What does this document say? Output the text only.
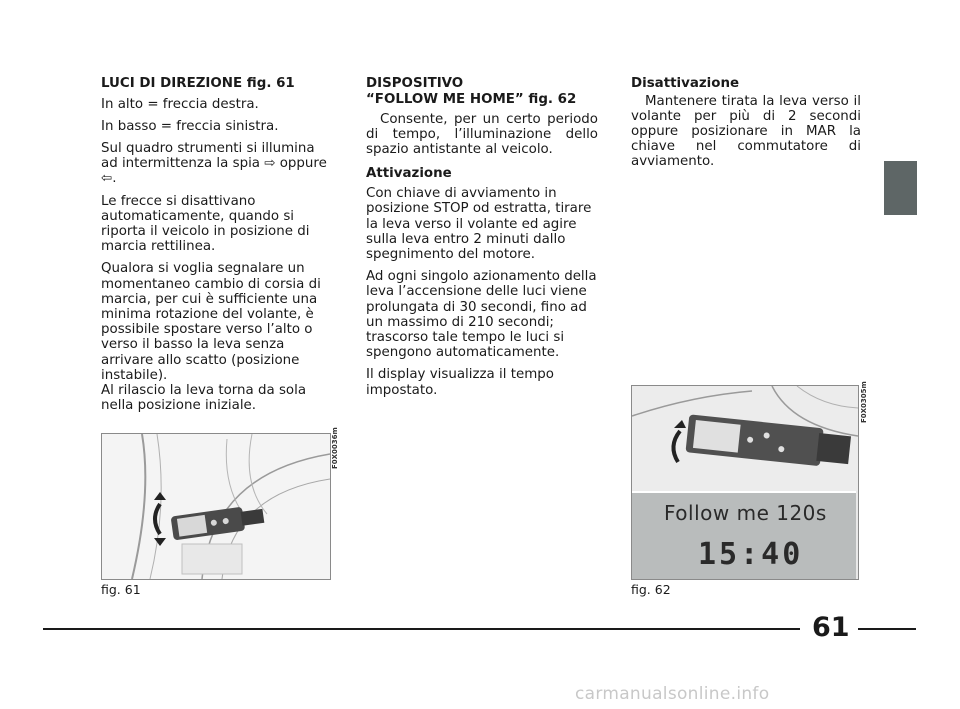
LUCI DI DIREZIONE fig. 61

In alto = freccia destra.

In basso = freccia sinistra.

Sul quadro strumenti si illumina ad intermittenza la spia ⇨ oppure ⇦.

Le frecce si disattivano automaticamente, quando si riporta il veicolo in posizione di marcia rettilinea.

Qualora si voglia segnalare un momentaneo cambio di corsia di marcia, per cui è sufficiente una minima rotazione del volante, è possibile spostare verso l’alto o verso il basso la leva senza arrivare allo scatto (posizione instabile).

Al rilascio la leva torna da sola nella posizione iniziale.

DISPOSITIVO
“FOLLOW ME HOME” fig. 62

Consente, per un certo periodo di tempo, l’illuminazione dello spazio antistante al veicolo.

Attivazione

Con chiave di avviamento in posizione STOP od estratta, tirare la leva verso il volante ed agire sulla leva entro 2 minuti dallo spegnimento del motore.

Ad ogni singolo azionamento della leva l’accensione delle luci viene prolungata di 30 secondi, fino ad un massimo di 210 secondi; trascorso tale tempo le luci si spengono automaticamente.

Il display visualizza il tempo impostato.

Disattivazione

Mantenere tirata la leva verso il volante per più di 2 secondi oppure posizionare in MAR la chiave nel commutatore di avviamento.

F0X0036m
fig. 61
Follow me 120s
15:40
F0X0305m
fig. 62
61
carmanualsonline.info
